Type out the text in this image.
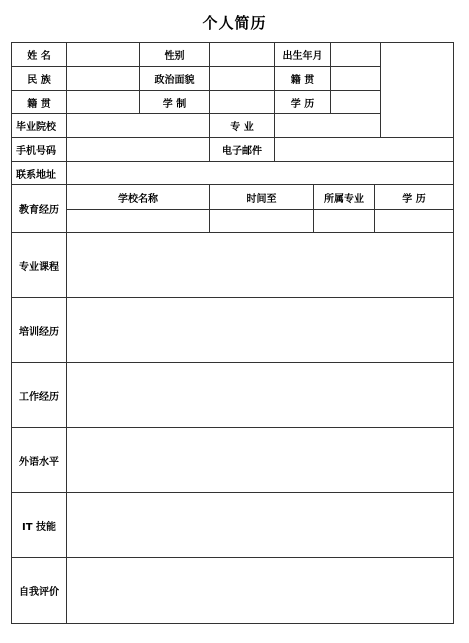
个人简历
姓 名	性别	出生年月
民 族	政治面貌	籍 贯
籍 贯	学 制	学 历
毕业院校	专 业
手机号码	电子邮件
联系地址
教育经历
学校名称	时间至	所属专业	学 历
专业课程
培训经历
工作经历
外语水平
IT 技能
自我评价
